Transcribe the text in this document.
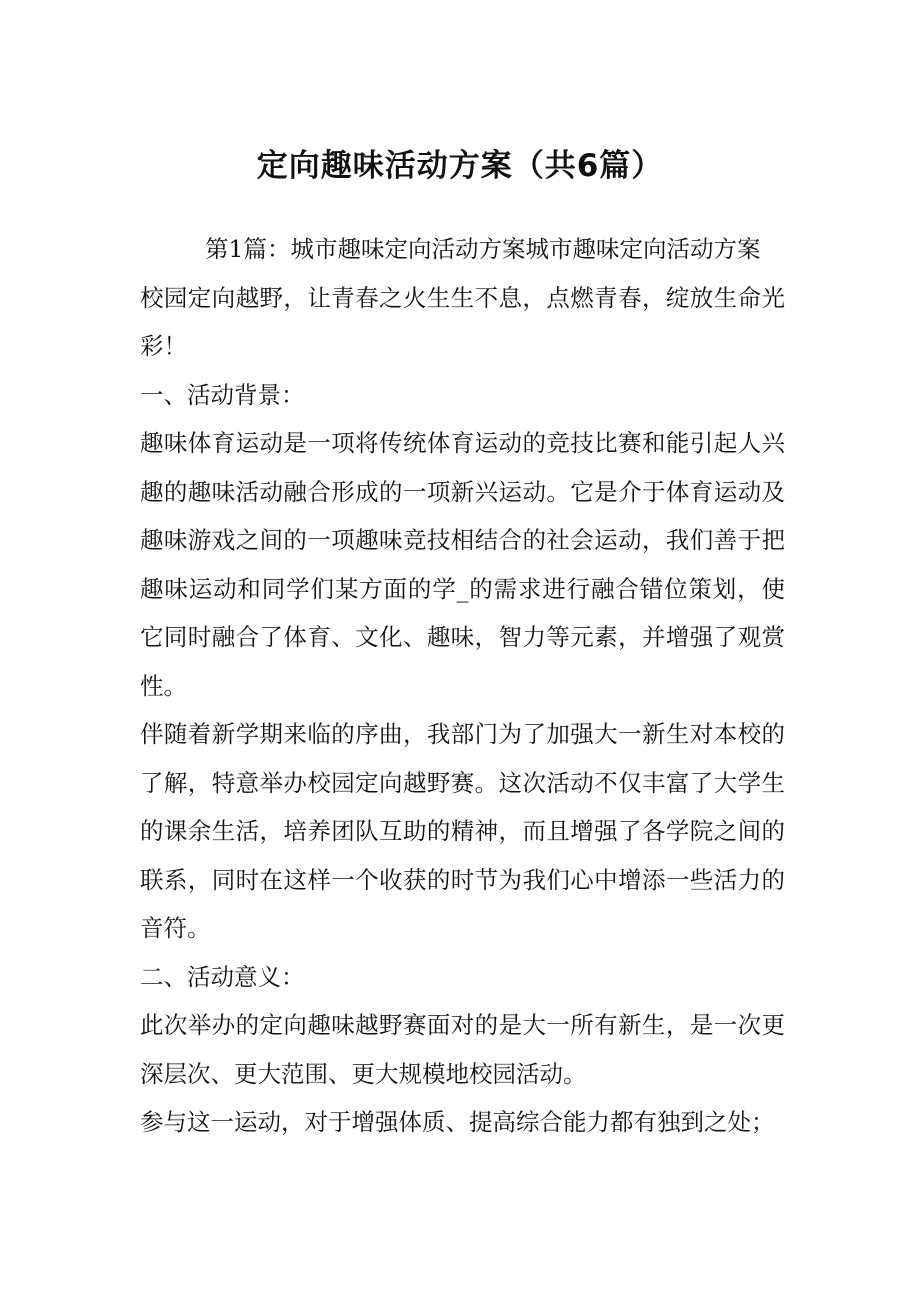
定向趣味活动方案（共6篇）

第1篇：城市趣味定向活动方案城市趣味定向活动方案

校园定向越野，让青春之火生生不息，点燃青春，绽放生命光彩！

一、活动背景：

趣味体育运动是一项将传统体育运动的竞技比赛和能引起人兴趣的趣味活动融合形成的一项新兴运动。它是介于体育运动及趣味游戏之间的一项趣味竞技相结合的社会运动，我们善于把趣味运动和同学们某方面的学_的需求进行融合错位策划，使它同时融合了体育、文化、趣味，智力等元素，并增强了观赏性。

伴随着新学期来临的序曲，我部门为了加强大一新生对本校的了解，特意举办校园定向越野赛。这次活动不仅丰富了大学生的课余生活，培养团队互助的精神，而且增强了各学院之间的联系，同时在这样一个收获的时节为我们心中增添一些活力的音符。

二、活动意义：

此次举办的定向趣味越野赛面对的是大一所有新生，是一次更深层次、更大范围、更大规模地校园活动。

参与这一运动，对于增强体质、提高综合能力都有独到之处；
